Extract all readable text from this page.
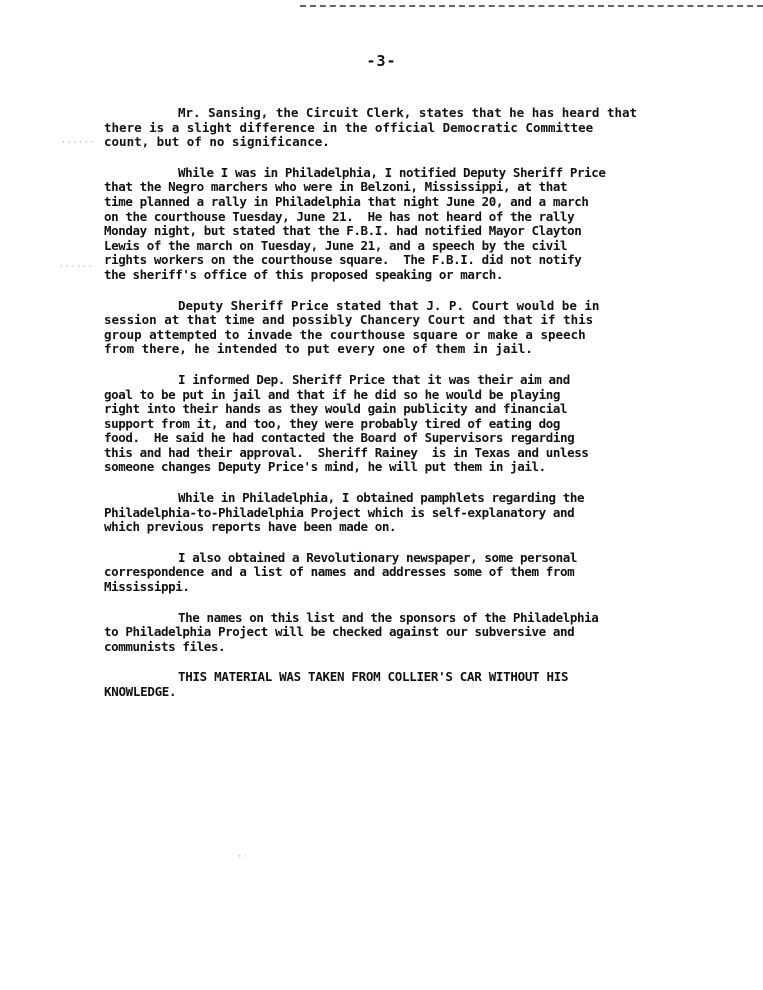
-3-
Mr. Sansing, the Circuit Clerk, states that he has heard that
there is a slight difference in the official Democratic Committee
count, but of no significance.
While I was in Philadelphia, I notified Deputy Sheriff Price
that the Negro marchers who were in Belzoni, Mississippi, at that
time planned a rally in Philadelphia that night June 20, and a march
on the courthouse Tuesday, June 21.  He has not heard of the rally
Monday night, but stated that the F.B.I. had notified Mayor Clayton
Lewis of the march on Tuesday, June 21, and a speech by the civil
rights workers on the courthouse square.  The F.B.I. did not notify
the sheriff's office of this proposed speaking or march.
Deputy Sheriff Price stated that J. P. Court would be in
session at that time and possibly Chancery Court and that if this
group attempted to invade the courthouse square or make a speech
from there, he intended to put every one of them in jail.
I informed Dep. Sheriff Price that it was their aim and
goal to be put in jail and that if he did so he would be playing
right into their hands as they would gain publicity and financial
support from it, and too, they were probably tired of eating dog
food.  He said he had contacted the Board of Supervisors regarding
this and had their approval.  Sheriff Rainey  is in Texas and unless
someone changes Deputy Price's mind, he will put them in jail.
While in Philadelphia, I obtained pamphlets regarding the
Philadelphia-to-Philadelphia Project which is self-explanatory and
which previous reports have been made on.
I also obtained a Revolutionary newspaper, some personal
correspondence and a list of names and addresses some of them from
Mississippi.
The names on this list and the sponsors of the Philadelphia
to Philadelphia Project will be checked against our subversive and
communists files.
THIS MATERIAL WAS TAKEN FROM COLLIER'S CAR WITHOUT HIS
KNOWLEDGE.
· · · · · ·
· · · · · ·
· ·
